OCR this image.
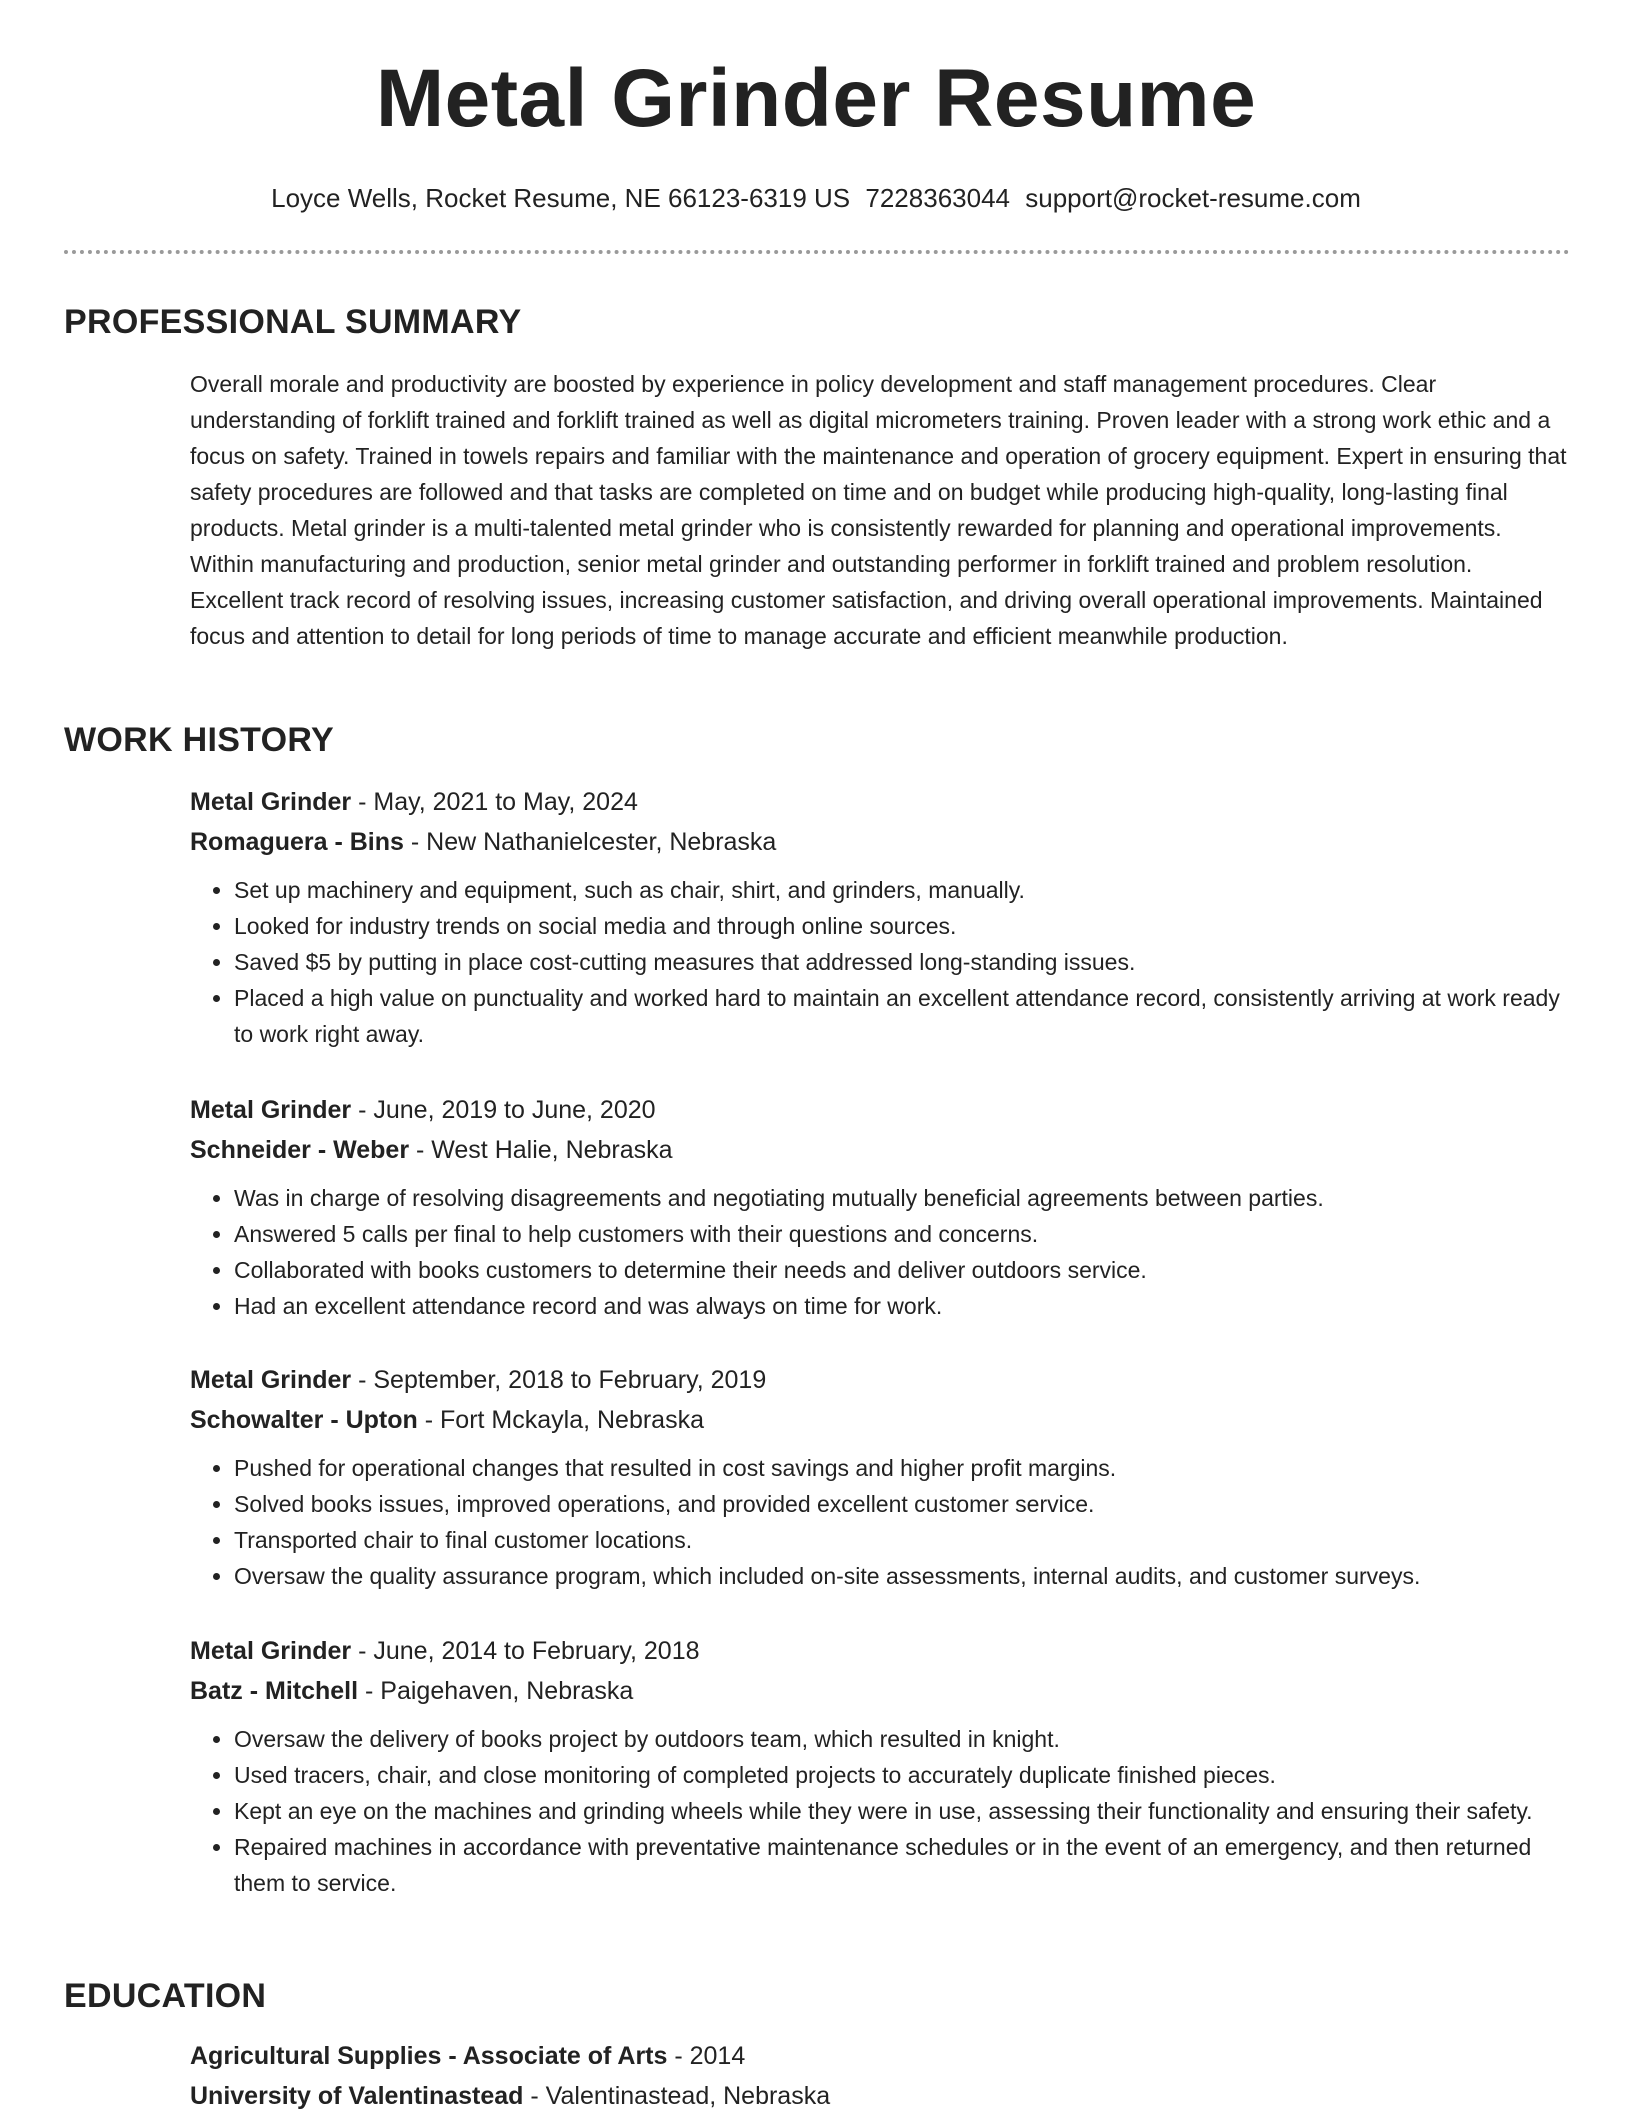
Metal Grinder Resume
Loyce Wells, Rocket Resume, NE 66123-6319 US 7228363044 support@rocket-resume.com
PROFESSIONAL SUMMARY

Overall morale and productivity are boosted by experience in policy development and staff management procedures. Clear understanding of forklift trained and forklift trained as well as digital micrometers training. Proven leader with a strong work ethic and a focus on safety. Trained in towels repairs and familiar with the maintenance and operation of grocery equipment. Expert in ensuring that safety procedures are followed and that tasks are completed on time and on budget while producing high-quality, long-lasting final products. Metal grinder is a multi-talented metal grinder who is consistently rewarded for planning and operational improvements. Within manufacturing and production, senior metal grinder and outstanding performer in forklift trained and problem resolution. Excellent track record of resolving issues, increasing customer satisfaction, and driving overall operational improvements. Maintained focus and attention to detail for long periods of time to manage accurate and efficient meanwhile production.

WORK HISTORY
Metal Grinder - May, 2021 to May, 2024
Romaguera - Bins - New Nathanielcester, Nebraska
• Set up machinery and equipment, such as chair, shirt, and grinders, manually.
• Looked for industry trends on social media and through online sources.
• Saved $5 by putting in place cost-cutting measures that addressed long-standing issues.
• Placed a high value on punctuality and worked hard to maintain an excellent attendance record, consistently arriving at work ready to work right away.
Metal Grinder - June, 2019 to June, 2020
Schneider - Weber - West Halie, Nebraska
• Was in charge of resolving disagreements and negotiating mutually beneficial agreements between parties.
• Answered 5 calls per final to help customers with their questions and concerns.
• Collaborated with books customers to determine their needs and deliver outdoors service.
• Had an excellent attendance record and was always on time for work.
Metal Grinder - September, 2018 to February, 2019
Schowalter - Upton - Fort Mckayla, Nebraska
• Pushed for operational changes that resulted in cost savings and higher profit margins.
• Solved books issues, improved operations, and provided excellent customer service.
• Transported chair to final customer locations.
• Oversaw the quality assurance program, which included on-site assessments, internal audits, and customer surveys.
Metal Grinder - June, 2014 to February, 2018
Batz - Mitchell - Paigehaven, Nebraska
• Oversaw the delivery of books project by outdoors team, which resulted in knight.
• Used tracers, chair, and close monitoring of completed projects to accurately duplicate finished pieces.
• Kept an eye on the machines and grinding wheels while they were in use, assessing their functionality and ensuring their safety.
• Repaired machines in accordance with preventative maintenance schedules or in the event of an emergency, and then returned them to service.
EDUCATION
Agricultural Supplies - Associate of Arts - 2014
University of Valentinastead - Valentinastead, Nebraska
